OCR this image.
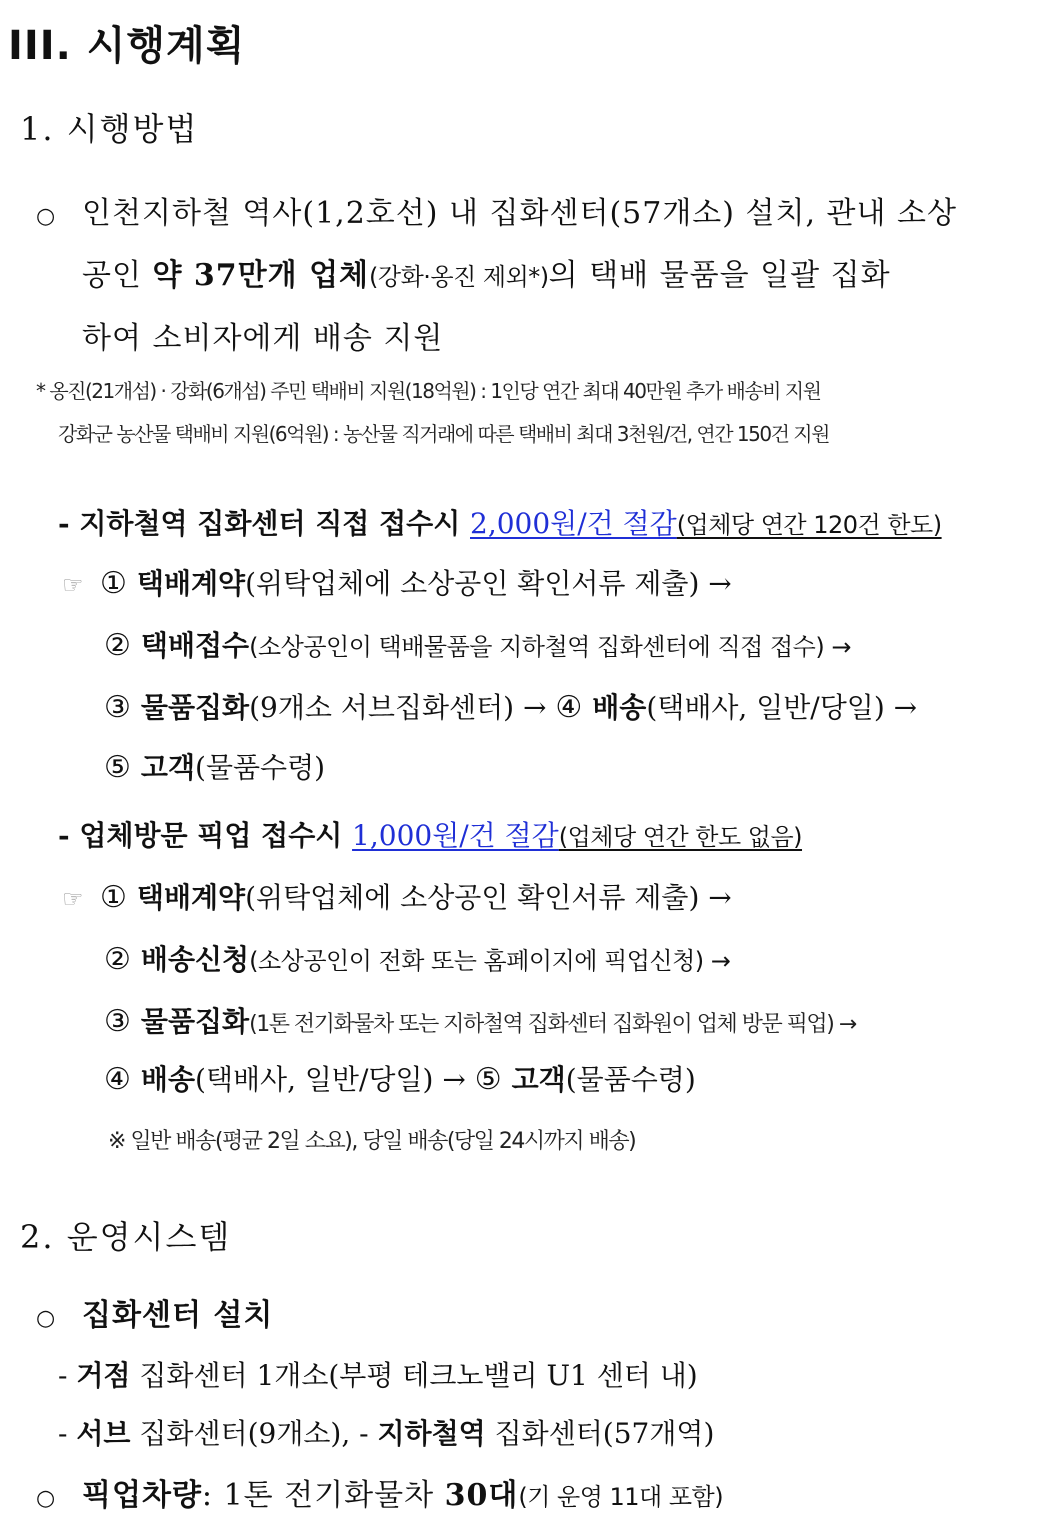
III. 시행계획
1. 시행방법
○ 인천지하철 역사(1,2호선) 내 집화센터(57개소) 설치, 관내 소상
공인 약 37만개 업체(강화·옹진 제외*)의 택배 물품을 일괄 집화
하여 소비자에게 배송 지원
* 옹진(21개섬) · 강화(6개섬) 주민 택배비 지원(18억원) : 1인당 연간 최대 40만원 추가 배송비 지원
강화군 농산물 택배비 지원(6억원) : 농산물 직거래에 따른 택배비 최대 3천원/건, 연간 150건 지원
- 지하철역 집화센터 직접 접수시 2,000원/건 절감(업체당 연간 120건 한도)
☞ ① 택배계약(위탁업체에 소상공인 확인서류 제출) →
② 택배접수(소상공인이 택배물품을 지하철역 집화센터에 직접 접수) →
③ 물품집화(9개소 서브집화센터) → ④ 배송(택배사, 일반/당일) →
⑤ 고객(물품수령)
- 업체방문 픽업 접수시 1,000원/건 절감(업체당 연간 한도 없음)
☞ ① 택배계약(위탁업체에 소상공인 확인서류 제출) →
② 배송신청(소상공인이 전화 또는 홈페이지에 픽업신청) →
③ 물품집화(1톤 전기화물차 또는 지하철역 집화센터 집화원이 업체 방문 픽업) →
④ 배송(택배사, 일반/당일) → ⑤ 고객(물품수령)
※ 일반 배송(평균 2일 소요), 당일 배송(당일 24시까지 배송)
2. 운영시스템
○ 집화센터 설치
- 거점 집화센터 1개소(부평 테크노밸리 U1 센터 내)
- 서브 집화센터(9개소), - 지하철역 집화센터(57개역)
○ 픽업차량: 1톤 전기화물차 30대(기 운영 11대 포함)
